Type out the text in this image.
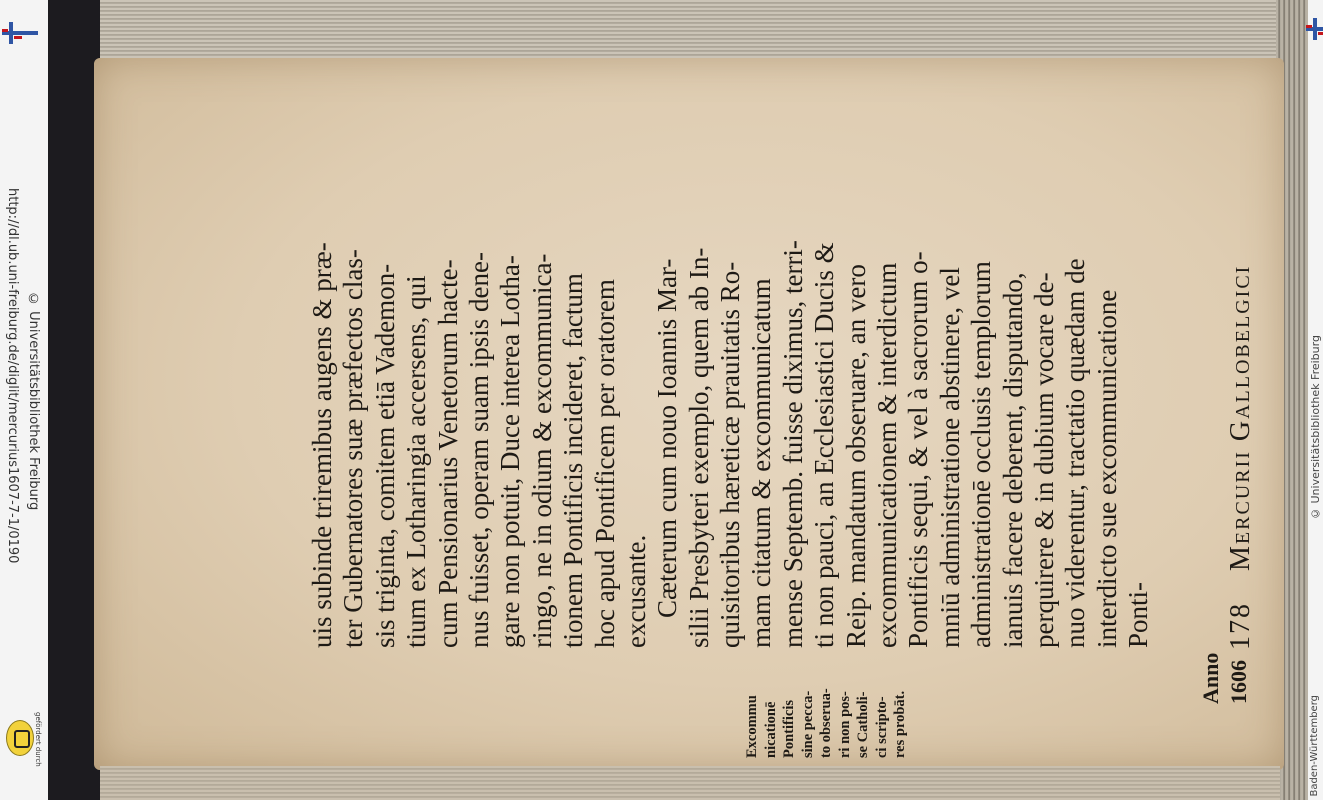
http://dl.ub.uni-freiburg.de/diglit/mercurius1607-7-1/0190 © Universitätsbibliothek Freiburg
gefördert durch
178 Mercurii Gallobelgici
Anno 1606
Excommu nicationē Pontificis sine pecca- to obseruа- ri non pos- se Catholi- ci scripto- res probāt.
uis subinde triremibus augens & præ- ter Gubernatores suæ præfectos clas- sis triginta, comitem etiā Vademon- tium ex Lotharingia accersens, qui cum Pensionarius Venetorum hacte- nus fuisset, operam suam ipsis dene- gare non potuit, Duce interea Lotha- ringo, ne in odium & excommunica- tionem Pontificis incideret, factum hoc apud Pontificem per oratorem excusante. Cæterum cum nouo Ioannis Mar- silii Presbyteri exemplo, quem ab In- quisitoribus hæreticæ prauitatis Ro- mam citatum & excommunicatum mense Septemb. fuisse diximus, terri- ti non pauci, an Ecclesiastici Ducis & Reip. mandatum obseruare, an vero excommunicationem & interdictum Pontificis sequi, & vel à sacrorum o- mniū administratione abstinere, vel administrationē occlusis templorum ianuis facere deberent, disputando, perquirere & in dubium vocare de- nuo viderentur, tractatio quædam de interdicto sue excommunicatione Ponti-
© Universitätsbibliothek Freiburg
Baden-Württemberg
